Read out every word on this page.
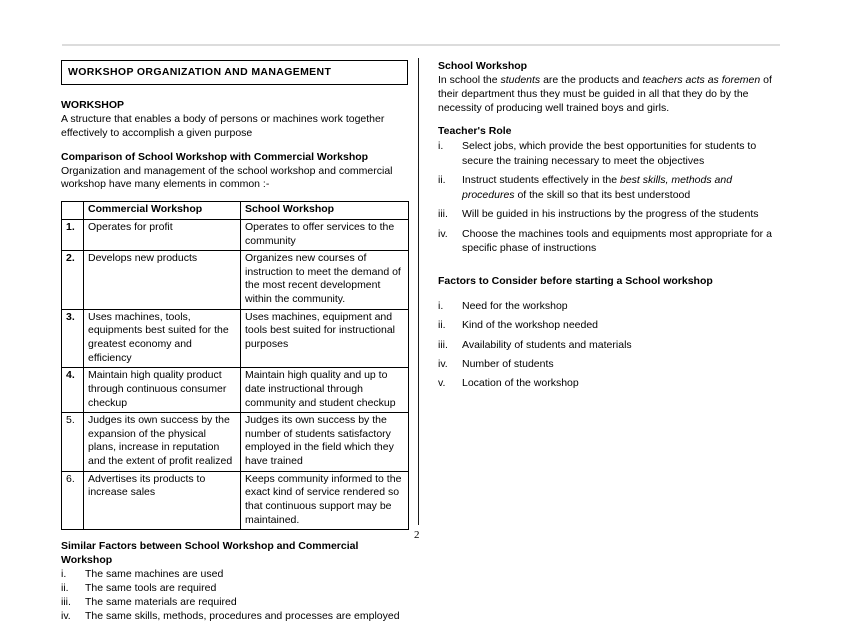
WORKSHOP ORGANIZATION AND MANAGEMENT
WORKSHOP
A structure that enables a body of persons or machines work together effectively to accomplish a given purpose
Comparison of School Workshop with Commercial Workshop
Organization and management of the school workshop and commercial workshop have many elements in common :-
	Commercial Workshop	School Workshop
1.	Operates for profit	Operates to offer services to the community
2.	Develops new products	Organizes new courses of instruction to meet the demand of the most recent development within the community.
3.	Uses machines, tools, equipments best suited for the greatest economy and efficiency	Uses machines, equipment and tools best suited for instructional purposes
4.	Maintain high quality product through continuous consumer checkup	Maintain high quality and up to date instructional through community and student checkup
5.	Judges its own success by the expansion of the physical plans, increase in reputation and the extent of profit realized	Judges its own success by the number of students satisfactory employed in the field which they have trained
6.	Advertises its products to increase sales	Keeps community informed to the exact kind of service rendered so that continuous support may be maintained.
Similar Factors between School Workshop and Commercial Workshop
i.	The same machines are used
ii.	The same tools are required
iii.	The same materials are required
iv.	The same skills, methods, procedures and processes are employed
School Workshop
In school the students are the products and teachers acts as foremen of their department thus they must be guided in all that they do by the necessity of producing well trained boys and girls.
Teacher's Role
i.	Select jobs, which provide the best opportunities for students to secure the training necessary to meet the objectives
ii.	Instruct students effectively in the best skills, methods and procedures of the skill so that its best understood
iii.	Will be guided in his instructions by the progress of the students
iv.	Choose the machines tools and equipments most appropriate for a specific phase of instructions
Factors to Consider before starting a School workshop
i.	Need for the workshop
ii.	Kind of the workshop needed
iii.	Availability of students and materials
iv.	Number of students
v.	Location of the workshop
2
